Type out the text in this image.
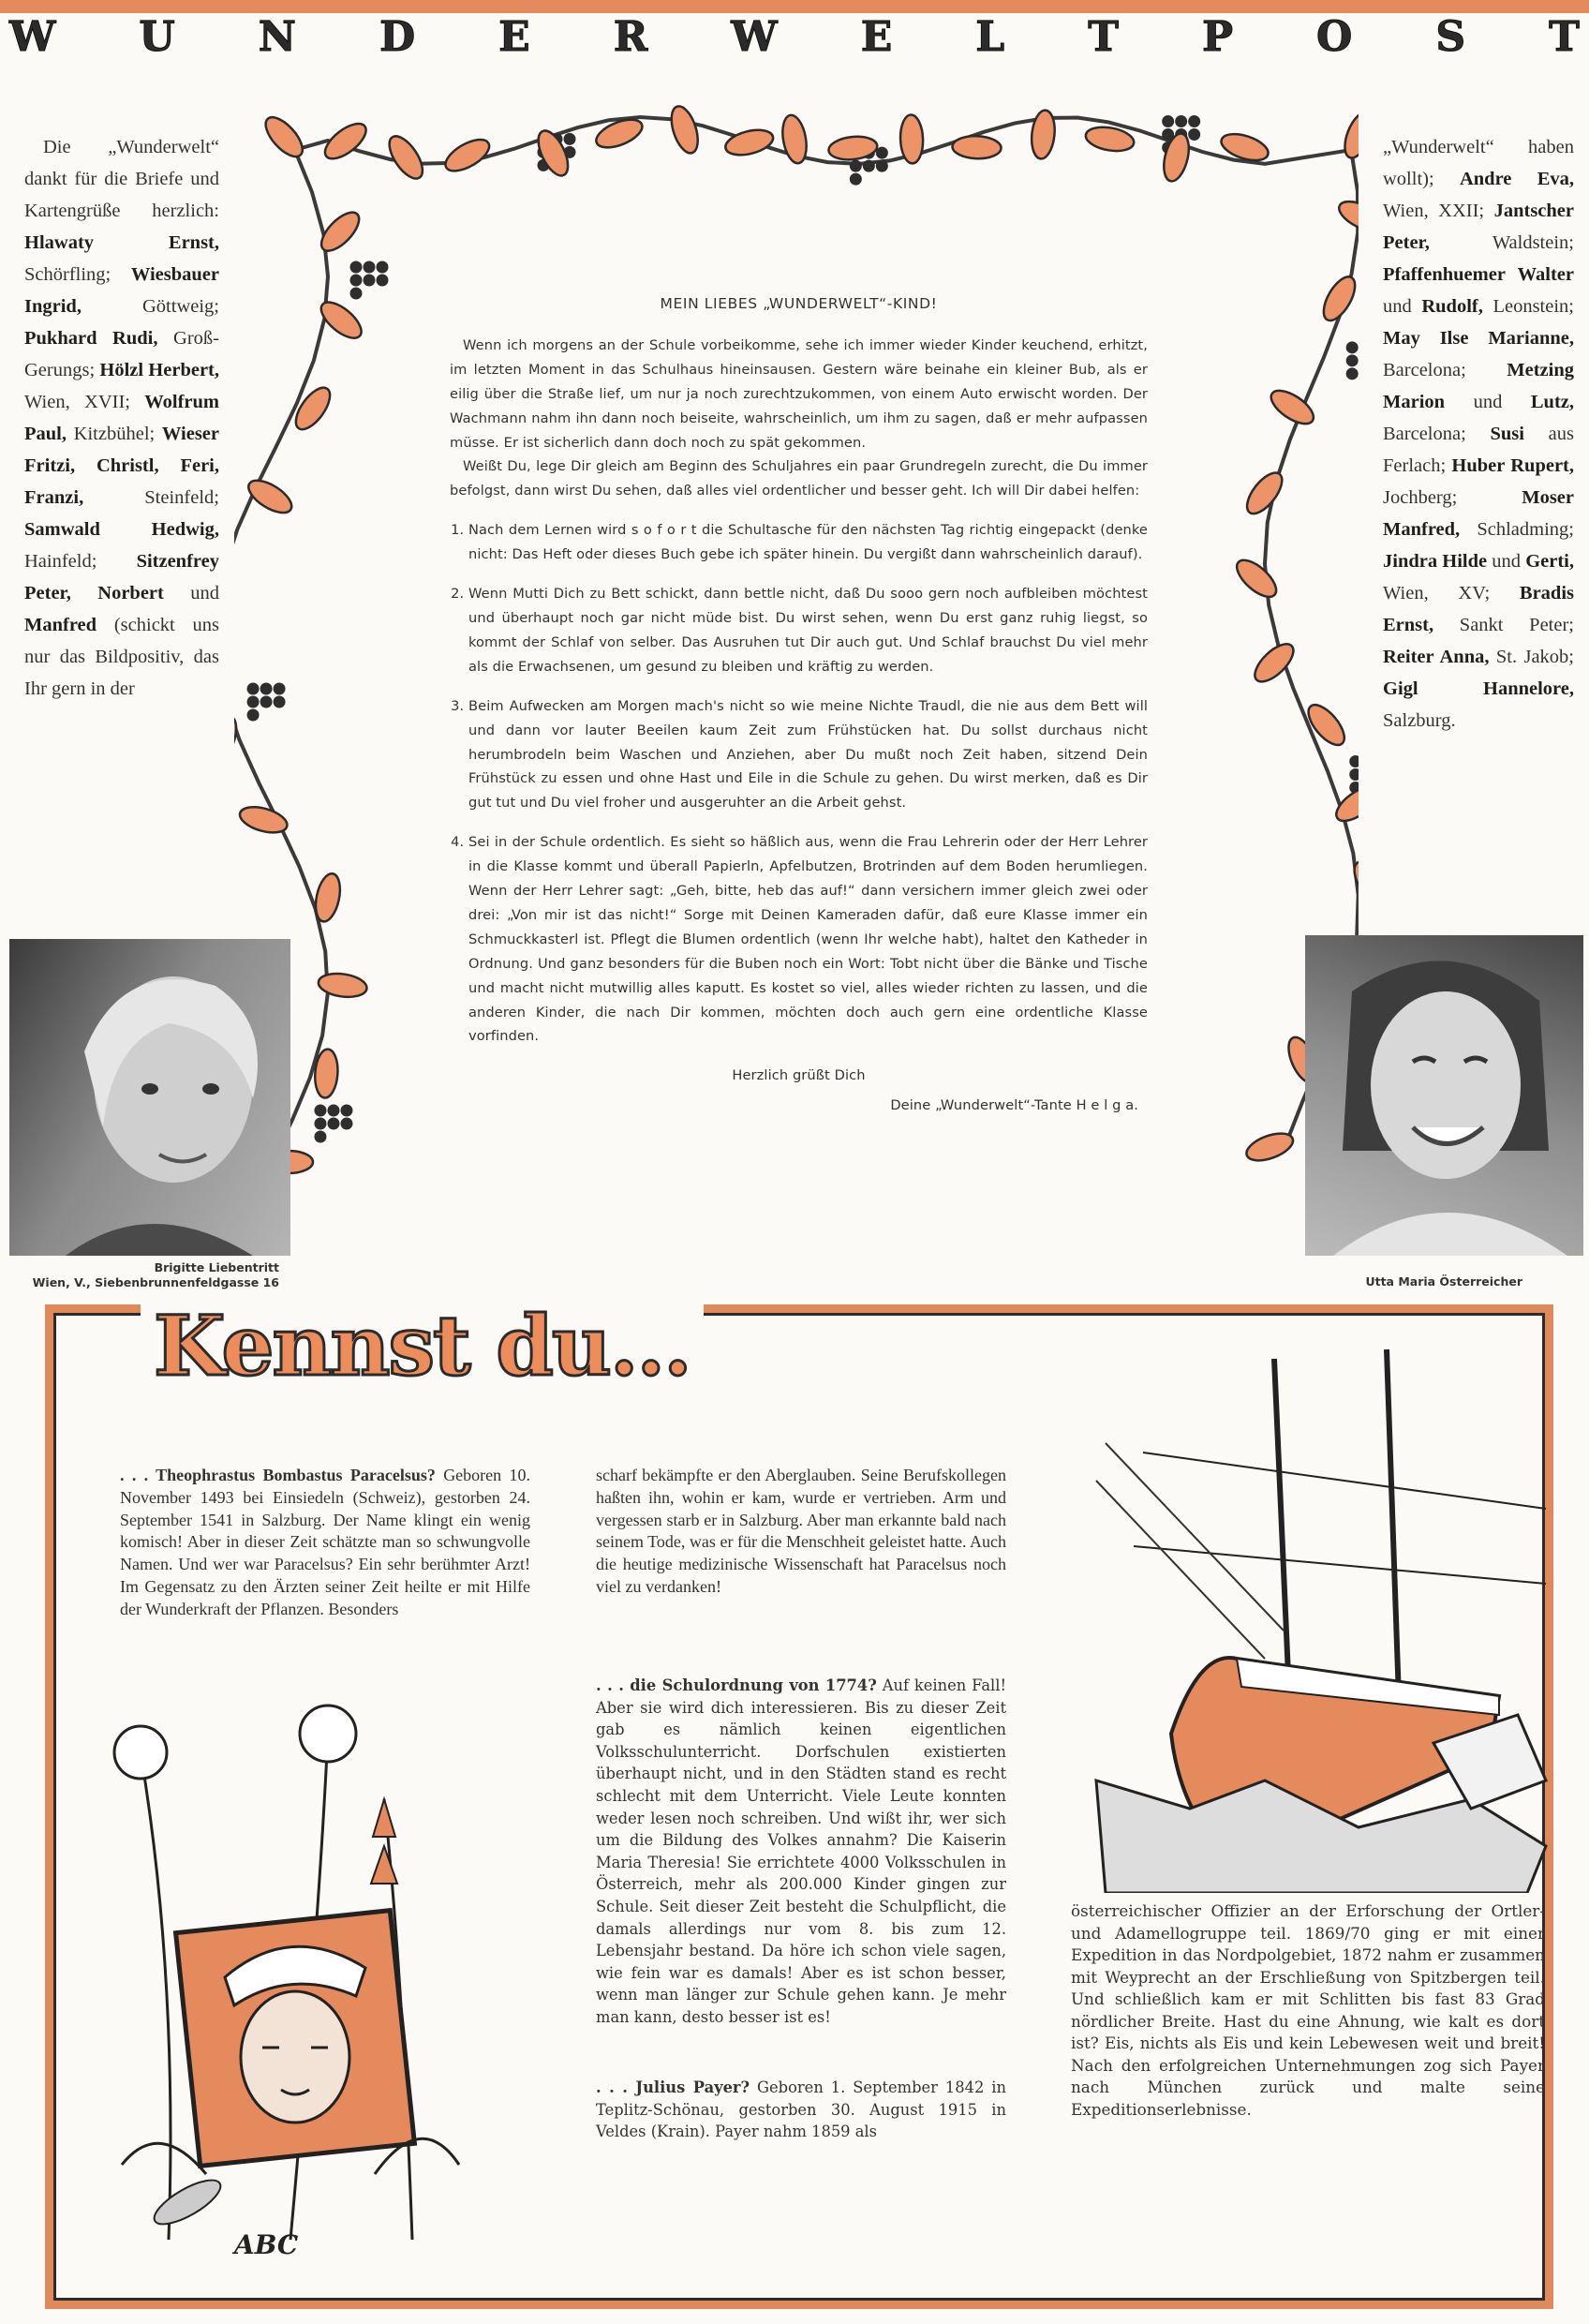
W U N D E R W E L T P O S T
Die „Wunderwelt“ dankt für die Briefe und Kartengrüße herzlich: Hlawaty Ernst, Schörfling; Wiesbauer Ingrid, Göttweig; Pukhard Rudi, Groß-Gerungs; Hölzl Herbert, Wien, XVII; Wolfrum Paul, Kitzbühel; Wieser Fritzi, Christl, Feri, Franzi, Steinfeld; Samwald Hedwig, Hainfeld; Sitzenfrey Peter, Norbert und Manfred (schickt uns nur das Bildpositiv, das Ihr gern in der
„Wunderwelt“ haben wollt); Andre Eva, Wien, XXII; Jantscher Peter, Waldstein; Pfaffenhuemer Walter und Rudolf, Leonstein; May Ilse Marianne, Barcelona; Metzing Marion und Lutz, Barcelona; Susi aus Ferlach; Huber Rupert, Jochberg; Moser Manfred, Schladming; Jindra Hilde und Gerti, Wien, XV; Bradis Ernst, Sankt Peter; Reiter Anna, St. Jakob; Gigl Hannelore, Salzburg.
MEIN LIEBES „WUNDERWELT“-KIND!

Wenn ich morgens an der Schule vorbeikomme, sehe ich immer wieder Kinder keuchend, erhitzt, im letzten Moment in das Schulhaus hineinsausen. Gestern wäre beinahe ein kleiner Bub, als er eilig über die Straße lief, um nur ja noch zurechtzukommen, von einem Auto erwischt worden. Der Wachmann nahm ihn dann noch beiseite, wahrscheinlich, um ihm zu sagen, daß er mehr aufpassen müsse. Er ist sicherlich dann doch noch zu spät gekommen.

Weißt Du, lege Dir gleich am Beginn des Schuljahres ein paar Grundregeln zurecht, die Du immer befolgst, dann wirst Du sehen, daß alles viel ordentlicher und besser geht. Ich will Dir dabei helfen:

1. Nach dem Lernen wird s o f o r t die Schultasche für den nächsten Tag richtig eingepackt (denke nicht: Das Heft oder dieses Buch gebe ich später hinein. Du vergißt dann wahrscheinlich darauf).
2. Wenn Mutti Dich zu Bett schickt, dann bettle nicht, daß Du sooo gern noch aufbleiben möchtest und überhaupt noch gar nicht müde bist. Du wirst sehen, wenn Du erst ganz ruhig liegst, so kommt der Schlaf von selber. Das Ausruhen tut Dir auch gut. Und Schlaf brauchst Du viel mehr als die Erwachsenen, um gesund zu bleiben und kräftig zu werden.
3. Beim Aufwecken am Morgen mach's nicht so wie meine Nichte Traudl, die nie aus dem Bett will und dann vor lauter Beeilen kaum Zeit zum Frühstücken hat. Du sollst durchaus nicht herumbrodeln beim Waschen und Anziehen, aber Du mußt noch Zeit haben, sitzend Dein Frühstück zu essen und ohne Hast und Eile in die Schule zu gehen. Du wirst merken, daß es Dir gut tut und Du viel froher und ausgeruhter an die Arbeit gehst.
4. Sei in der Schule ordentlich. Es sieht so häßlich aus, wenn die Frau Lehrerin oder der Herr Lehrer in die Klasse kommt und überall Papierln, Apfelbutzen, Brotrinden auf dem Boden herumliegen. Wenn der Herr Lehrer sagt: „Geh, bitte, heb das auf!“ dann versichern immer gleich zwei oder drei: „Von mir ist das nicht!“ Sorge mit Deinen Kameraden dafür, daß eure Klasse immer ein Schmuckkasterl ist. Pflegt die Blumen ordentlich (wenn Ihr welche habt), haltet den Katheder in Ordnung. Und ganz besonders für die Buben noch ein Wort: Tobt nicht über die Bänke und Tische und macht nicht mutwillig alles kaputt. Es kostet so viel, alles wieder richten zu lassen, und die anderen Kinder, die nach Dir kommen, möchten doch auch gern eine ordentliche Klasse vorfinden.
Herzlich grüßt Dich
Deine „Wunderwelt“-Tante H e l g a.
Brigitte Liebentritt
Wien, V., Siebenbrunnenfeldgasse 16	Utta Maria Österreicher
Kennst du...

. . . Theophrastus Bombastus Paracelsus? Geboren 10. November 1493 bei Einsiedeln (Schweiz), gestorben 24. September 1541 in Salzburg. Der Name klingt ein wenig komisch! Aber in dieser Zeit schätzte man so schwungvolle Namen. Und wer war Paracelsus? Ein sehr berühmter Arzt! Im Gegensatz zu den Ärzten seiner Zeit heilte er mit Hilfe der Wunderkraft der Pflanzen. Besonders

scharf bekämpfte er den Aberglauben. Seine Berufskollegen haßten ihn, wohin er kam, wurde er vertrieben. Arm und vergessen starb er in Salzburg. Aber man erkannte bald nach seinem Tode, was er für die Menschheit geleistet hatte. Auch die heutige medizinische Wissenschaft hat Paracelsus noch viel zu verdanken!

. . . die Schulordnung von 1774? Auf keinen Fall! Aber sie wird dich interessieren. Bis zu dieser Zeit gab es nämlich keinen eigentlichen Volksschulunterricht. Dorfschulen existierten überhaupt nicht, und in den Städten stand es recht schlecht mit dem Unterricht. Viele Leute konnten weder lesen noch schreiben. Und wißt ihr, wer sich um die Bildung des Volkes annahm? Die Kaiserin Maria Theresia! Sie errichtete 4000 Volksschulen in Österreich, mehr als 200.000 Kinder gingen zur Schule. Seit dieser Zeit besteht die Schulpflicht, die damals allerdings nur vom 8. bis zum 12. Lebensjahr bestand. Da höre ich schon viele sagen, wie fein war es damals! Aber es ist schon besser, wenn man länger zur Schule gehen kann. Je mehr man kann, desto besser ist es!

. . . Julius Payer? Geboren 1. September 1842 in Teplitz-Schönau, gestorben 30. August 1915 in Veldes (Krain). Payer nahm 1859 als

österreichischer Offizier an der Erforschung der Ortler- und Adamellogruppe teil. 1869/70 ging er mit einer Expedition in das Nordpolgebiet, 1872 nahm er zusammen mit Weyprecht an der Erschließung von Spitzbergen teil. Und schließlich kam er mit Schlitten bis fast 83 Grad nördlicher Breite. Hast du eine Ahnung, wie kalt es dort ist? Eis, nichts als Eis und kein Lebewesen weit und breit! Nach den erfolgreichen Unternehmungen zog sich Payer nach München zurück und malte seine Expeditionserlebnisse.

ABC
